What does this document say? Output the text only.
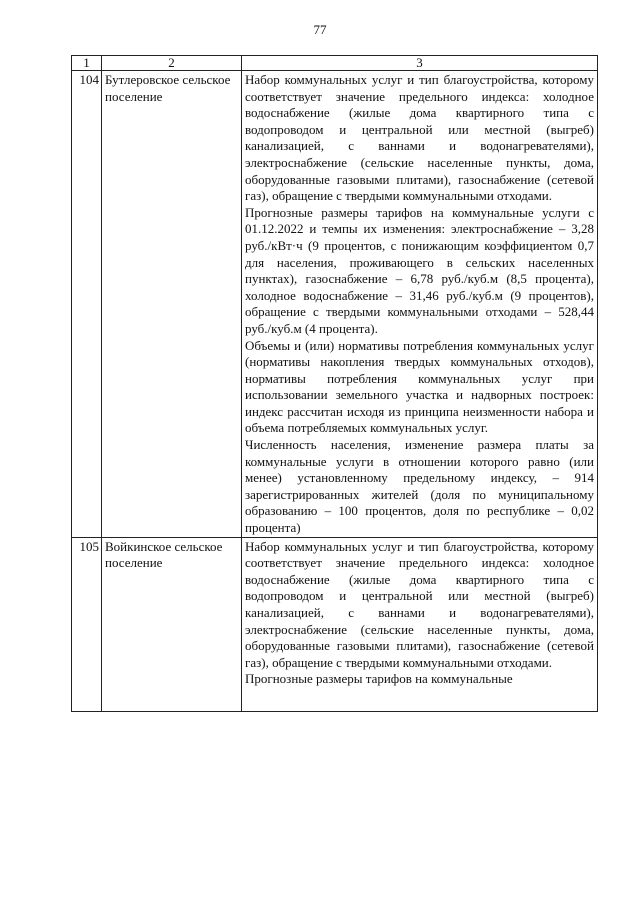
77
1	2	3
104	Бутлеровское сельское поселение	Набор коммунальных услуг и тип благоустройства, которому соответствует значение предельного индекса: холодное водоснабжение (жилые дома квартирного типа с водопроводом и центральной или местной (выгреб) канализацией, с ваннами и водонагревателями), электроснабжение (сельские населенные пункты, дома, оборудованные газовыми плитами), газоснабжение (сетевой газ), обращение с твердыми коммунальными отходами.

Прогнозные размеры тарифов на коммунальные услуги с 01.12.2022 и темпы их изменения: электроснабжение – 3,28 руб./кВт·ч (9 процентов, с понижающим коэффициентом 0,7 для населения, проживающего в сельских населенных пунктах), газоснабжение – 6,78 руб./куб.м (8,5 процента), холодное водоснабжение – 31,46 руб./куб.м (9 процентов), обращение с твердыми коммунальными отходами – 528,44 руб./куб.м (4 процента).

Объемы и (или) нормативы потребления коммунальных услуг (нормативы накопления твердых коммунальных отходов), нормативы потребления коммунальных услуг при использовании земельного участка и надворных построек: индекс рассчитан исходя из принципа неизменности набора и объема потребляемых коммунальных услуг.

Численность населения, изменение размера платы за коммунальные услуги в отношении которого равно (или менее) установленному предельному индексу, – 914 зарегистрированных жителей (доля по муниципальному образованию – 100 процентов, доля по республике – 0,02 процента)

105	Войкинское сельское поселение	Набор коммунальных услуг и тип благоустройства, которому соответствует значение предельного индекса: холодное водоснабжение (жилые дома квартирного типа с водопроводом и центральной или местной (выгреб) канализацией, с ваннами и водонагревателями), электроснабжение (сельские населенные пункты, дома, оборудованные газовыми плитами), газоснабжение (сетевой газ), обращение с твердыми коммунальными отходами.

Прогнозные размеры тарифов на коммунальные
